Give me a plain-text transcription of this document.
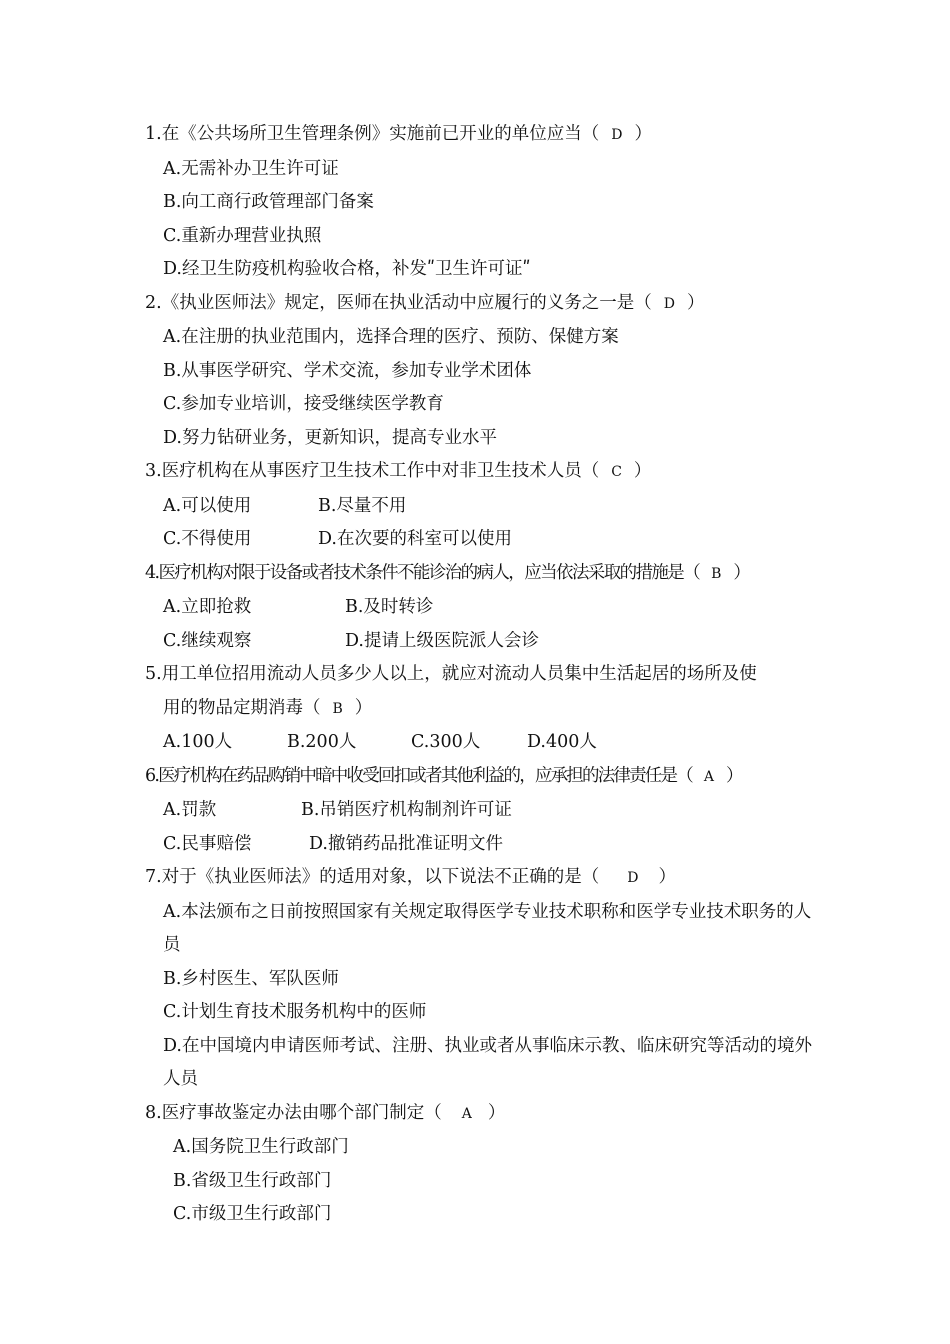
1.在《公共场所卫生管理条例》实施前已开业的单位应当（ D ）
A.无需补办卫生许可证
B.向工商行政管理部门备案
C.重新办理营业执照
D.经卫生防疫机构验收合格，补发ʺ卫生许可证ʺ
2.《执业医师法》规定，医师在执业活动中应履行的义务之一是（ D ）
A.在注册的执业范围内，选择合理的医疗、预防、保健方案
B.从事医学研究、学术交流，参加专业学术团体
C.参加专业培训，接受继续医学教育
D.努力钻研业务，更新知识，提高专业水平
3.医疗机构在从事医疗卫生技术工作中对非卫生技术人员（ C ）
A.可以使用	B.尽量不用
C.不得使用	D.在次要的科室可以使用
4.医疗机构对限于设备或者技术条件不能诊治的病人，应当依法采取的措施是（ B ）
A.立即抢救	B.及时转诊
C.继续观察	D.提请上级医院派人会诊
5.用工单位招用流动人员多少人以上，就应对流动人员集中生活起居的场所及使
用的物品定期消毒（ B ）
A.100人	B.200人	C.300人	D.400人
6.医疗机构在药品购销中暗中收受回扣或者其他利益的，应承担的法律责任是（ A ）
A.罚款	B.吊销医疗机构制剂许可证
C.民事赔偿	D.撤销药品批准证明文件
7.对于《执业医师法》的适用对象，以下说法不正确的是（ D ）
A.本法颁布之日前按照国家有关规定取得医学专业技术职称和医学专业技术职务的人员
B.乡村医生、军队医师
C.计划生育技术服务机构中的医师
D.在中国境内申请医师考试、注册、执业或者从事临床示教、临床研究等活动的境外人员
8.医疗事故鉴定办法由哪个部门制定（ A ）
A.国务院卫生行政部门
B.省级卫生行政部门
C.市级卫生行政部门
